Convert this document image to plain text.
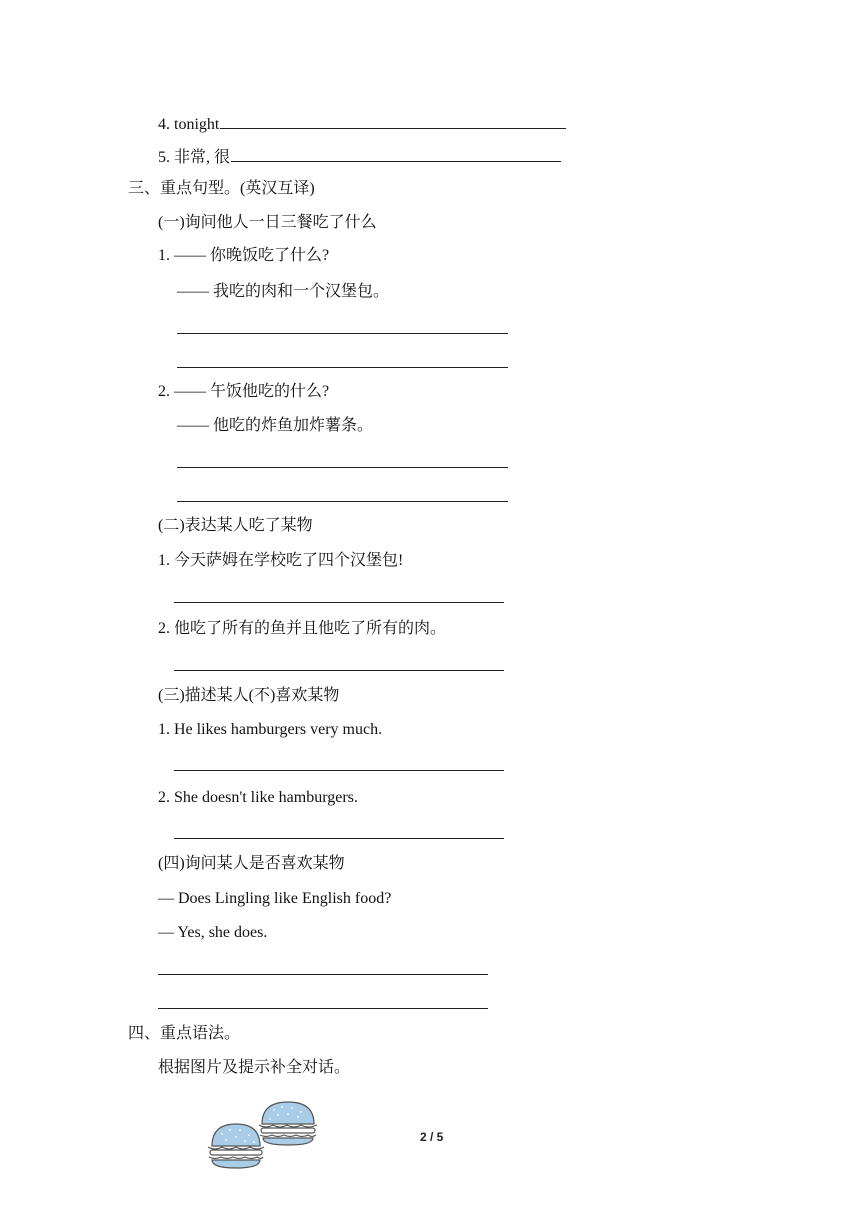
4. tonight
5. 非常, 很
三、重点句型。(英汉互译)
(一)询问他人一日三餐吃了什么
1. —— 你晚饭吃了什么?
—— 我吃的肉和一个汉堡包。
2. —— 午饭他吃的什么?
—— 他吃的炸鱼加炸薯条。
(二)表达某人吃了某物
1. 今天萨姆在学校吃了四个汉堡包!
2. 他吃了所有的鱼并且他吃了所有的肉。
(三)描述某人(不)喜欢某物
1. He likes hamburgers very much.
2. She doesn't like hamburgers.
(四)询问某人是否喜欢某物
— Does Lingling like English food?
— Yes, she does.
四、重点语法。
根据图片及提示补全对话。
2 / 5
